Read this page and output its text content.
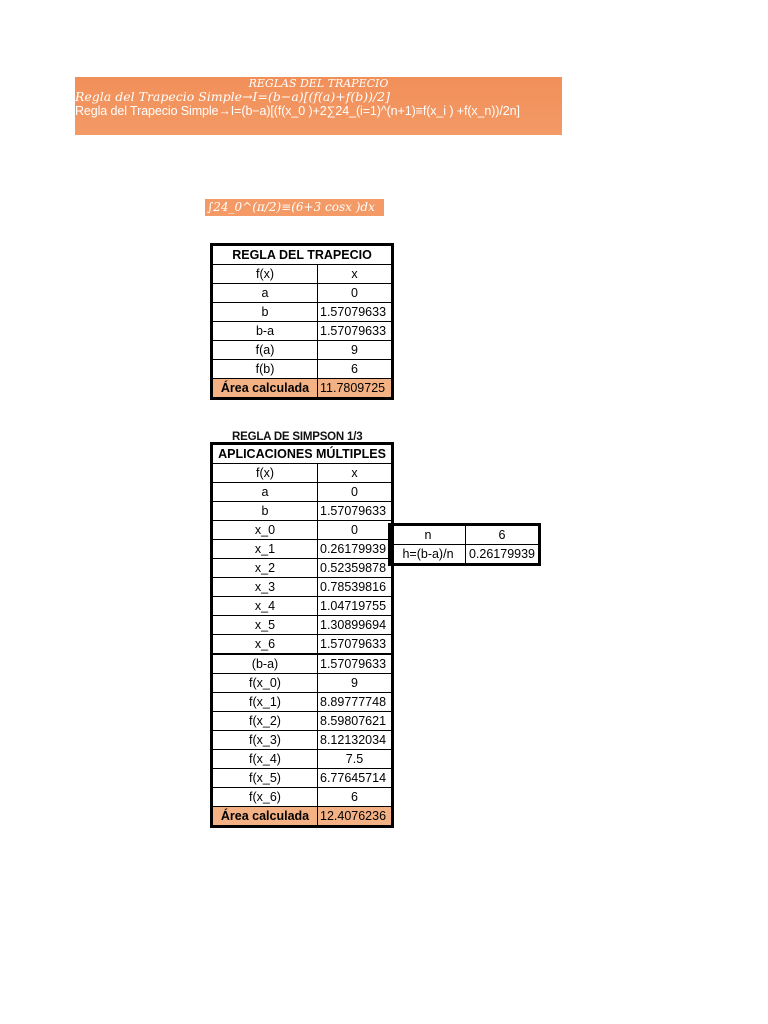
REGLAS DEL TRAPECIO
Regla del Trapecio Simple→I=(b−a)[(f(a)+f(b))/2]
Regla del Trapecio Simple→I=(b−a)[(f(x_0 )+2∑24_(i=1)^(n+1)≡f(x_i ) +f(x_n))/2n]
∫24_0^(π/2)≡(6+3 cosx )dx
REGLA DEL TRAPECIO	
f(x)	x
a	0
b	1.57079633
b-a	1.57079633
f(a)	9
f(b)	6
Área calculada	11.7809725
REGLA DE SIMPSON 1/3
APLICACIONES MÚLTIPLES	
f(x)	x
a	0
b	1.57079633
x_0	0
x_1	0.26179939
x_2	0.52359878
x_3	0.78539816
x_4	1.04719755
x_5	1.30899694
x_6	1.57079633
(b-a)	1.57079633
f(x_0)	9
f(x_1)	8.89777748
f(x_2)	8.59807621
f(x_3)	8.12132034
f(x_4)	7.5
f(x_5)	6.77645714
f(x_6)	6
Área calculada	12.4076236
n	6
h=(b-a)/n	0.26179939
